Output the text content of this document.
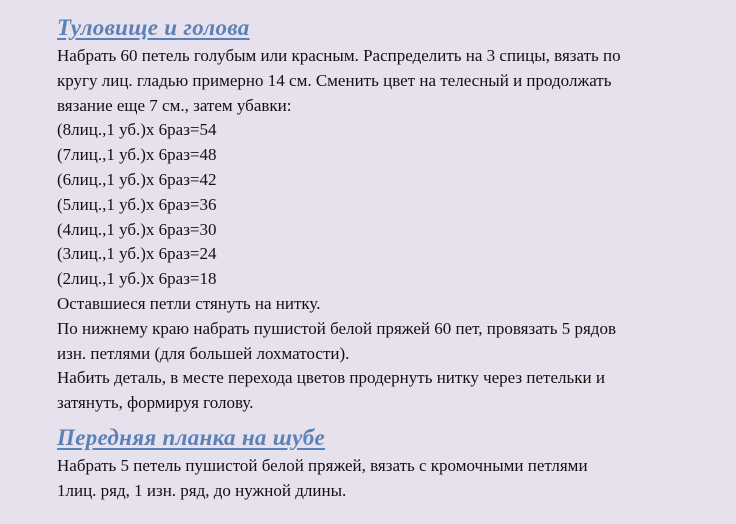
Туловище и голова

Набрать 60 петель голубым или красным. Распределить на 3 спицы, вязать по

кругу лиц. гладью примерно 14 см. Сменить цвет на телесный и продолжать

вязание еще 7 см., затем убавки:

(8лиц.,1 уб.)х 6раз=54

(7лиц.,1 уб.)х 6раз=48

(6лиц.,1 уб.)х 6раз=42

(5лиц.,1 уб.)х 6раз=36

(4лиц.,1 уб.)х 6раз=30

(3лиц.,1 уб.)х 6раз=24

(2лиц.,1 уб.)х 6раз=18

Оставшиеся петли стянуть на нитку.

По нижнему краю набрать пушистой белой пряжей 60 пет, провязать 5 рядов

изн. петлями (для большей лохматости).

Набить деталь, в месте перехода цветов продернуть нитку через петельки и

затянуть, формируя голову.

Передняя планка на шубе

Набрать 5 петель пушистой белой пряжей, вязать с кромочными петлями

1лиц. ряд, 1 изн. ряд, до нужной длины.
